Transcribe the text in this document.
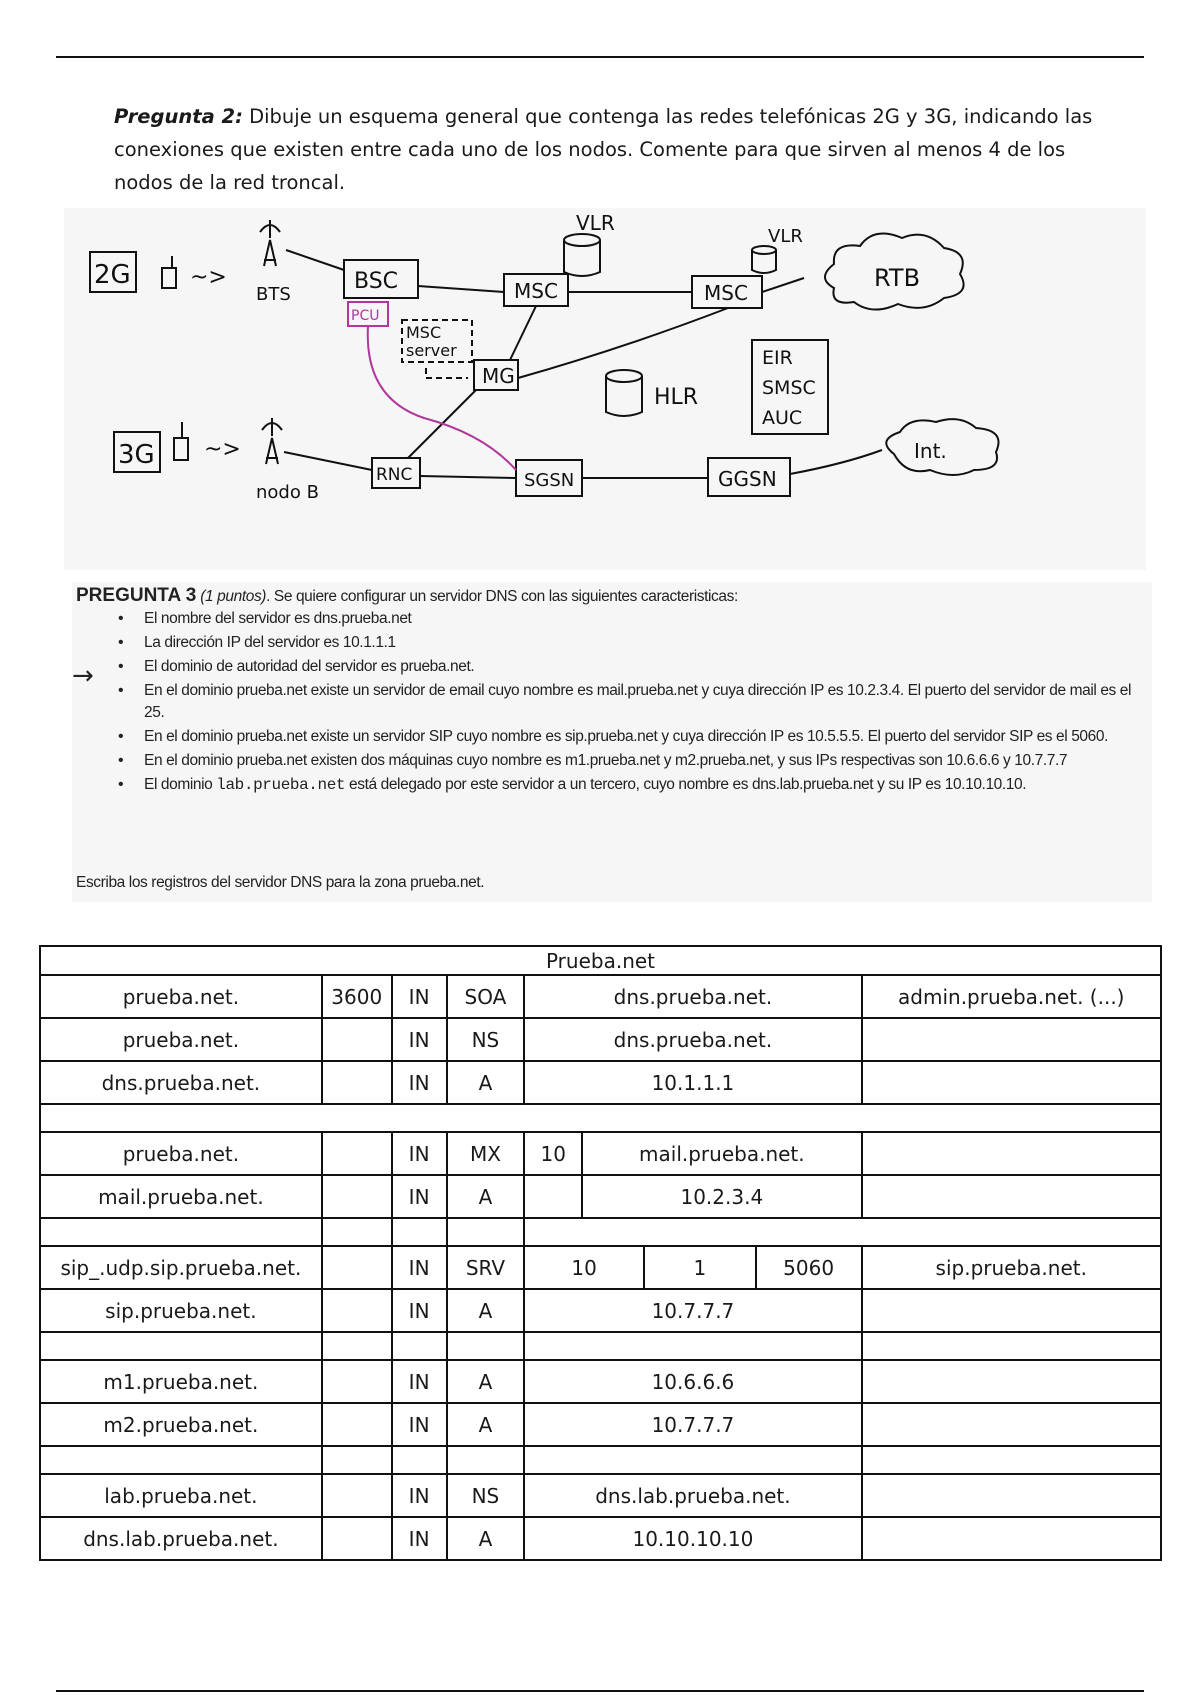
Pregunta 2: Dibuje un esquema general que contenga las redes telefónicas 2G y 3G, indicando las conexiones que existen entre cada uno de los nodos. Comente para que sirven al menos 4 de los nodos de la red troncal.
2G	~>
BTS
BSC
PCU
MSC
VLR
MSC
VLR
RTB
MSC
server
MG
HLR
EIR
SMSC
AUC
3G ~>
nodo B
RNC	SGSN	GGSN
Int.
PREGUNTA 3 (1 puntos). Se quiere configurar un servidor DNS con las siguientes caracteristicas:
→
• El nombre del servidor es dns.prueba.net
• La dirección IP del servidor es 10.1.1.1
• El dominio de autoridad del servidor es prueba.net.
• En el dominio prueba.net existe un servidor de email cuyo nombre es mail.prueba.net y cuya dirección IP es 10.2.3.4. El puerto del servidor de mail es el 25.
• En el dominio prueba.net existe un servidor SIP cuyo nombre es sip.prueba.net y cuya dirección IP es 10.5.5.5. El puerto del servidor SIP es el 5060.
• En el dominio prueba.net existen dos máquinas cuyo nombre es m1.prueba.net y m2.prueba.net, y sus IPs respectivas son 10.6.6.6 y 10.7.7.7
• El dominio lab.prueba.net está delegado por este servidor a un tercero, cuyo nombre es dns.lab.prueba.net y su IP es 10.10.10.10.
Escriba los registros del servidor DNS para la zona prueba.net.
Prueba.net								
prueba.net.	3600	IN	SOA	dns.prueba.net.				admin.prueba.net. (...)
prueba.net.		IN	NS	dns.prueba.net.				
dns.prueba.net.		IN	A	10.1.1.1				

prueba.net.		IN	MX	10	mail.prueba.net.			
mail.prueba.net.		IN	A		10.2.3.4			

sip_.udp.sip.prueba.net.		IN	SRV	10		1	5060	sip.prueba.net.
sip.prueba.net.		IN	A	10.7.7.7				

m1.prueba.net.		IN	A	10.6.6.6				
m2.prueba.net.		IN	A	10.7.7.7				

lab.prueba.net.		IN	NS	dns.lab.prueba.net.				
dns.lab.prueba.net.		IN	A	10.10.10.10				
